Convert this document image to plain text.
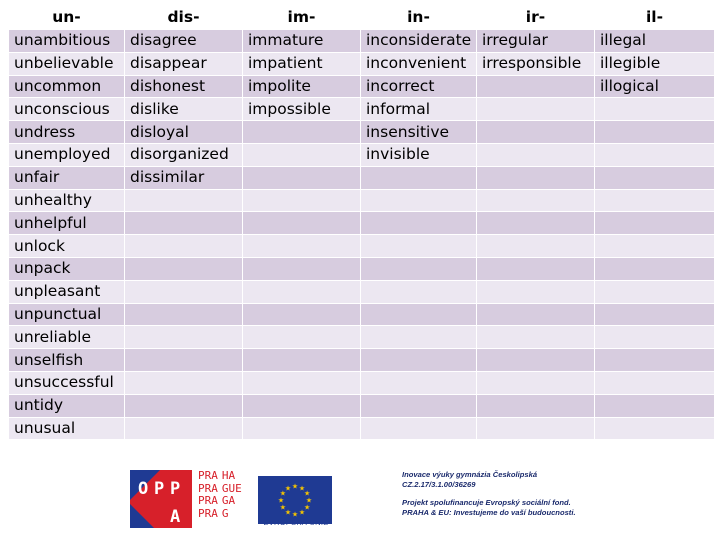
un-	dis-	im-	in-	ir-	il-
unambitious	disagree	immature	inconsiderate	irregular	illegal
unbelievable	disappear	impatient	inconvenient	irresponsible	illegible
uncommon	dishonest	impolite	incorrect		illogical
unconscious	dislike	impossible	informal		
undress	disloyal		insensitive		
unemployed	disorganized		invisible		
unfair	dissimilar				
unhealthy					
unhelpful					
unlock					
unpack					
unpleasant					
unpunctual					
unreliable					
unselfish					
unsuccessful					
untidy					
unusual					
O P P
A
PRA HA
PRA GUE
PRA GA
PRA G
★
★
★
★
★
★
★
★
★ ★ ★
★
EVROPSKÁ UNIE
Inovace výuky gymnázia Českolipská
CZ.2.17/3.1.00/36269
Projekt spolufinancuje Evropský sociální fond.
PRAHA & EU: Investujeme do vaší budoucnosti.
